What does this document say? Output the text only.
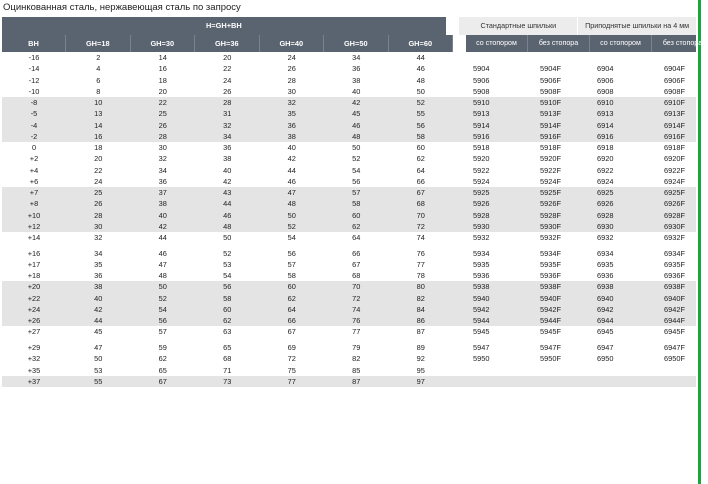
Оцинкованная сталь, нержавеющая сталь по запросу
H=GH+BH	Стандартные шпильки	Приподнятые шпильки на 4 мм
BH	GH=18	GH=30	GH=36	GH=40	GH=50	GH=60	со стопором	без стопора	со стопором	без стопора
-16	2	14	20	24	34	44
-14	4	16	22	26	36	46	5904	5904F	6904	6904F
-12	6	18	24	28	38	48	5906	5906F	6906	6906F
-10	8	20	26	30	40	50	5908	5908F	6908	6908F
-8	10	22	28	32	42	52	5910	5910F	6910	6910F
-5	13	25	31	35	45	55	5913	5913F	6913	6913F
-4	14	26	32	36	46	56	5914	5914F	6914	6914F
-2	16	28	34	38	48	58	5916	5916F	6916	6916F
0	18	30	36	40	50	60	5918	5918F	6918	6918F
+2	20	32	38	42	52	62	5920	5920F	6920	6920F
+4	22	34	40	44	54	64	5922	5922F	6922	6922F
+6	24	36	42	46	56	66	5924	5924F	6924	6924F
+7	25	37	43	47	57	67	5925	5925F	6925	6925F
+8	26	38	44	48	58	68	5926	5926F	6926	6926F
+10	28	40	46	50	60	70	5928	5928F	6928	6928F
+12	30	42	48	52	62	72	5930	5930F	6930	6930F
+14	32	44	50	54	64	74	5932	5932F	6932	6932F
+16	34	46	52	56	66	76	5934	5934F	6934	6934F
+17	35	47	53	57	67	77	5935	5935F	6935	6935F
+18	36	48	54	58	68	78	5936	5936F	6936	6936F
+20	38	50	56	60	70	80	5938	5938F	6938	6938F
+22	40	52	58	62	72	82	5940	5940F	6940	6940F
+24	42	54	60	64	74	84	5942	5942F	6942	6942F
+26	44	56	62	66	76	86	5944	5944F	6944	6944F
+27	45	57	63	67	77	87	5945	5945F	6945	6945F
+29	47	59	65	69	79	89	5947	5947F	6947	6947F
+32	50	62	68	72	82	92	5950	5950F	6950	6950F
+35	53	65	71	75	85	95
+37	55	67	73	77	87	97
